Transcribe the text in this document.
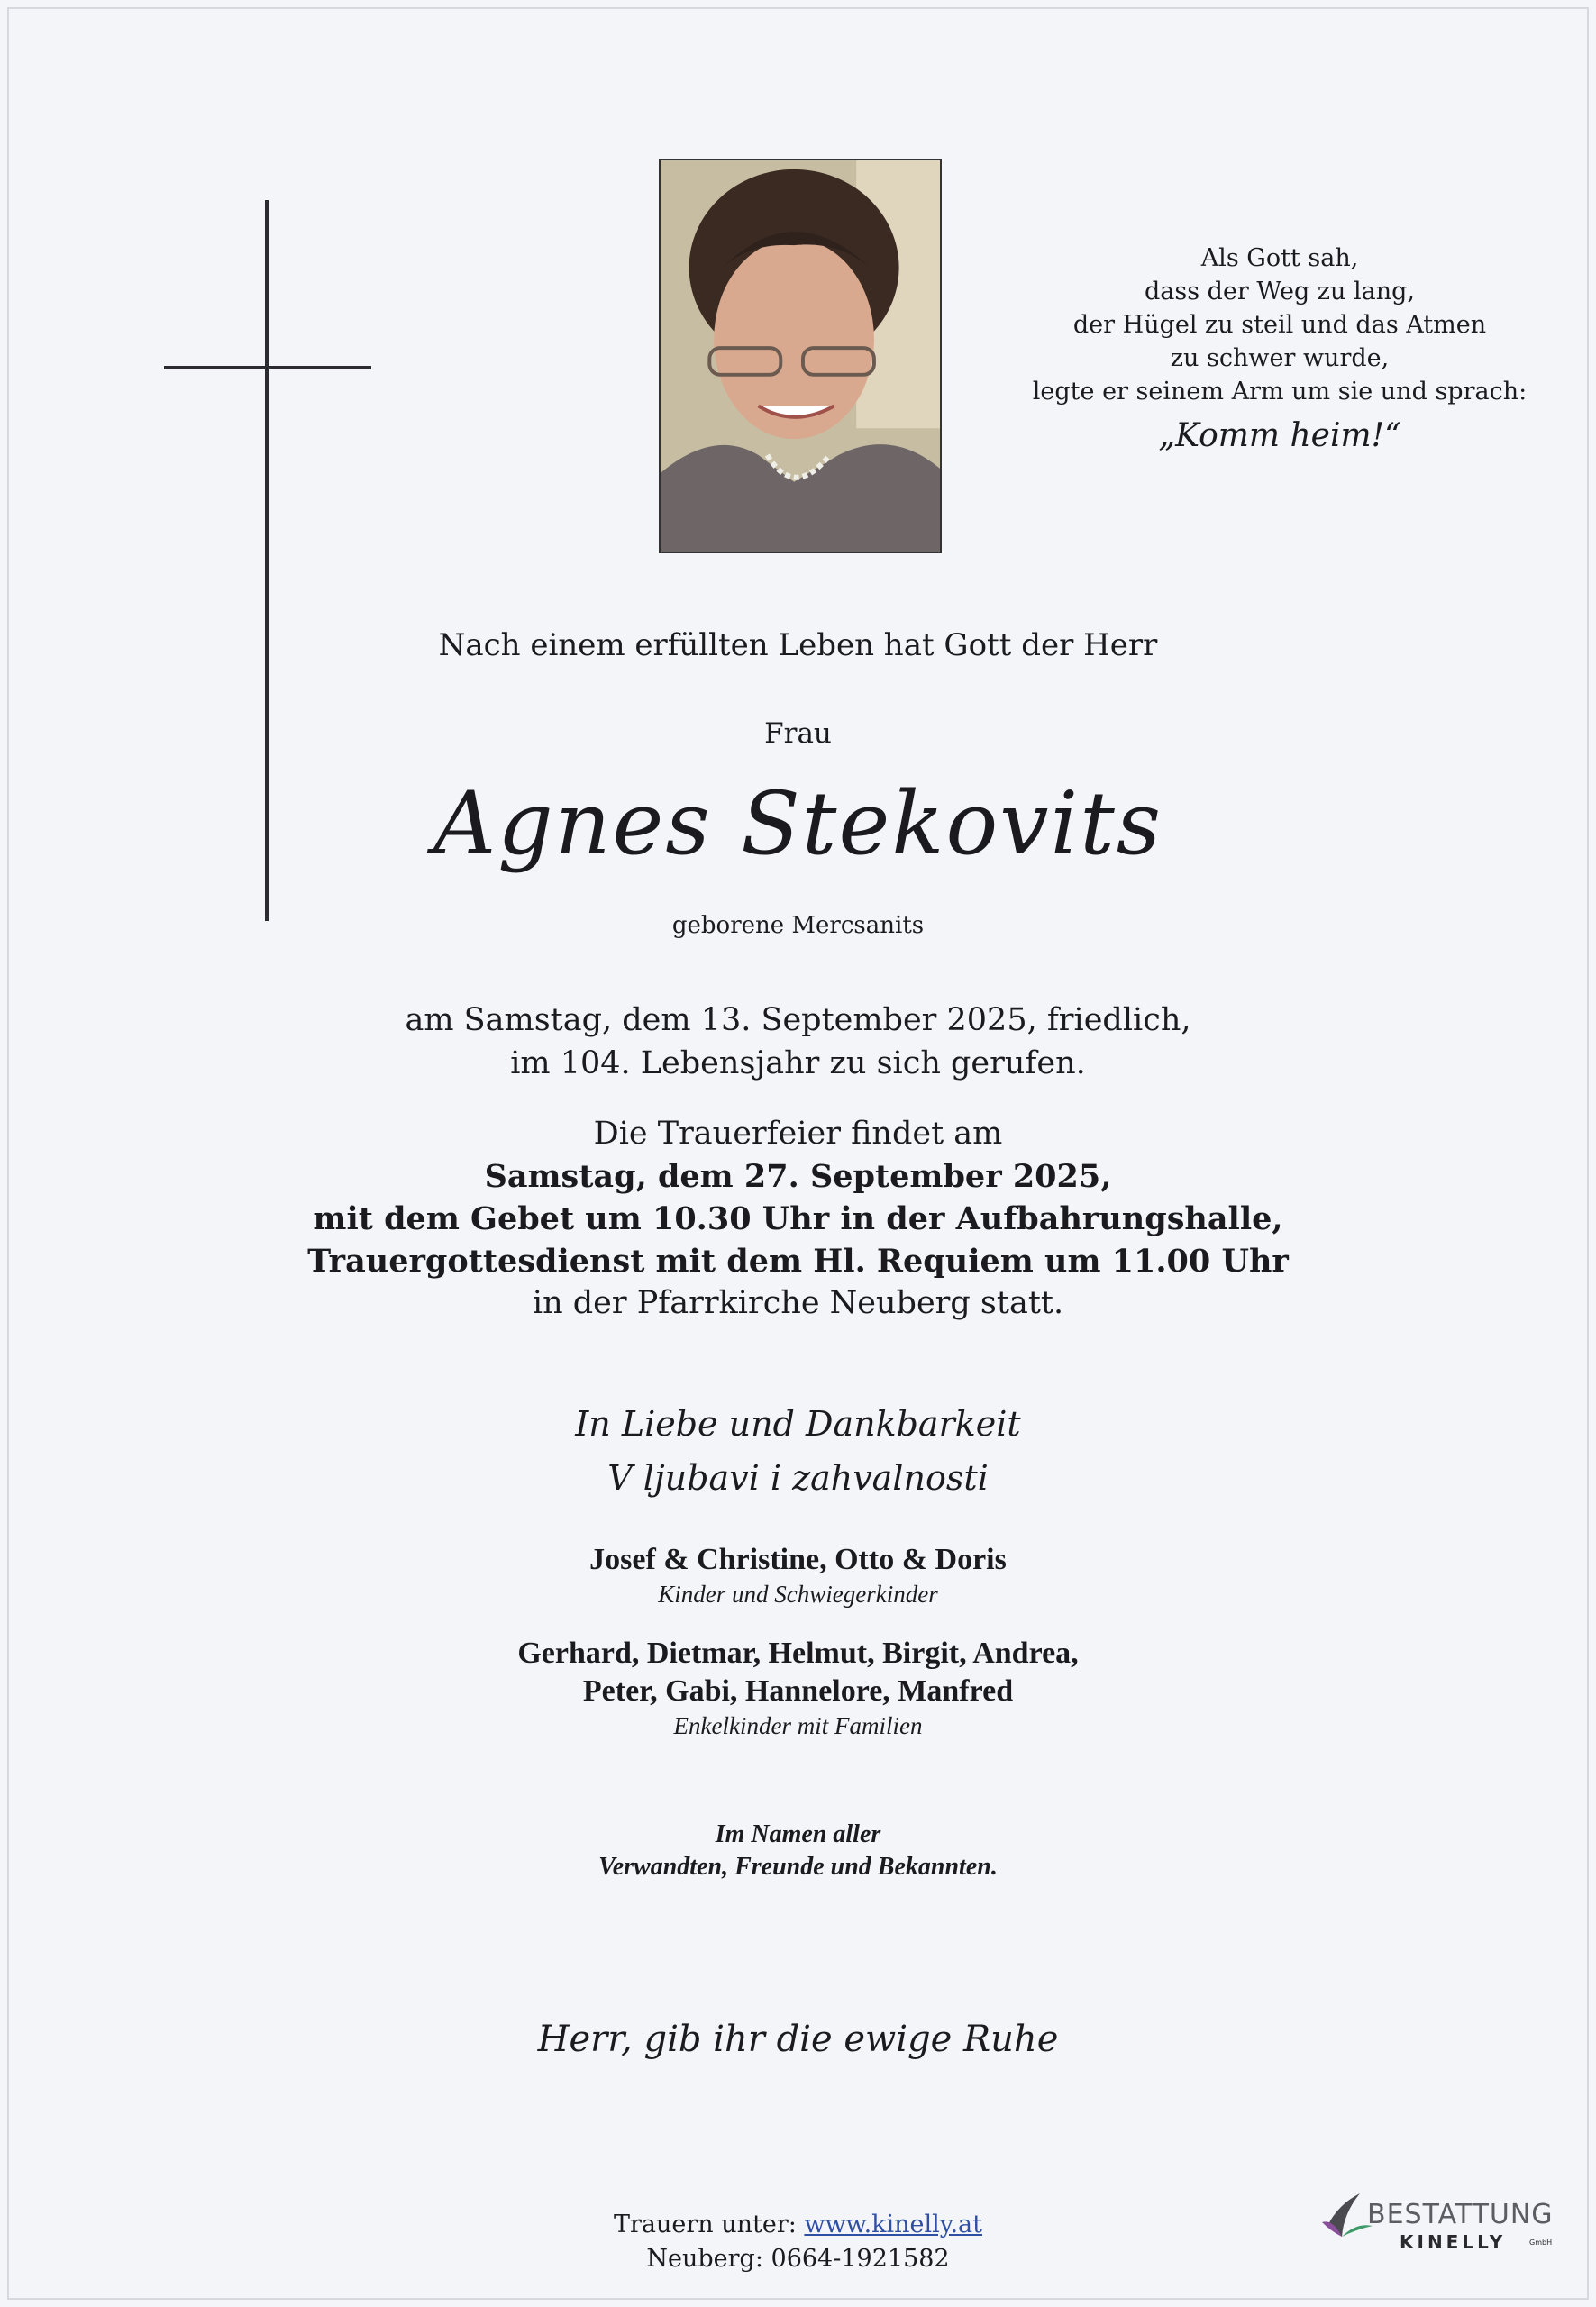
Als Gott sah,
dass der Weg zu lang,
der Hügel zu steil und das Atmen
zu schwer wurde,
legte er seinem Arm um sie und sprach:
„Komm heim!“
Nach einem erfüllten Leben hat Gott der Herr
Frau
Agnes Stekovits
geborene Mercsanits
am Samstag, dem 13. September 2025, friedlich,
im 104. Lebensjahr zu sich gerufen.
Die Trauerfeier findet am
Samstag, dem 27. September 2025,
mit dem Gebet um 10.30 Uhr in der Aufbahrungshalle,
Trauergottesdienst mit dem Hl. Requiem um 11.00 Uhr
in der Pfarrkirche Neuberg statt.
In Liebe und Dankbarkeit
V ljubavi i zahvalnosti
Josef & Christine, Otto & Doris
Kinder und Schwiegerkinder
Gerhard, Dietmar, Helmut, Birgit, Andrea,
Peter, Gabi, Hannelore, Manfred
Enkelkinder mit Familien
Im Namen aller
Verwandten, Freunde und Bekannten.
Herr, gib ihr die ewige Ruhe
Trauern unter: www.kinelly.at
Neuberg: 0664-1921582
BESTATTUNG
KINELLY	GmbH
